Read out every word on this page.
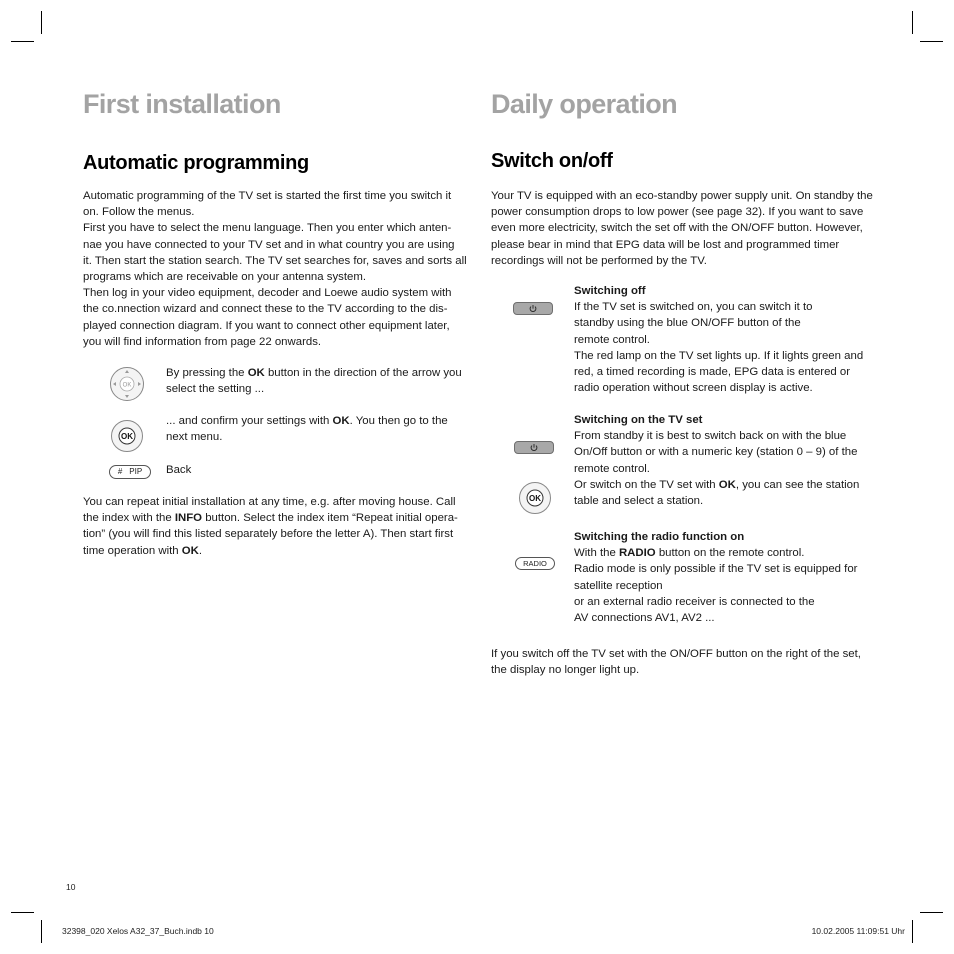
First installation
Automatic programming
Automatic programming of the TV set is started the first time you switch it
on. Follow the menus.
First you have to select the menu language. Then you enter which anten-
nae you have connected to your TV set and in what country you are using
it. Then start the station search. The TV set searches for, saves and sorts all
programs which are receivable on your antenna system.
Then log in your video equipment, decoder and Loewe audio system with
the co.nnection wizard and connect these to the TV according to the dis-
played connection diagram. If you want to connect other equipment later,
you will find information from page 22 onwards.
OK
By pressing the OK button in the direction of the arrow you
select the setting ...
OK
... and confirm your settings with OK. You then go to the
next menu.
# PIP	Back
You can repeat initial installation at any time, e.g. after moving house. Call
the index with the INFO button. Select the index item “Repeat initial opera-
tion” (you will find this listed separately before the letter A). Then start first
time operation with OK.
Daily operation
Switch on/off
Your TV is equipped with an eco-standby power supply unit. On standby the
power consumption drops to low power (see page 32). If you want to save
even more electricity, switch the set off with the ON/OFF button. However,
please bear in mind that EPG data will be lost and programmed timer
recordings will not be performed by the TV.
Switching off
If the TV set is switched on, you can switch it to
standby using the blue ON/OFF button of the
remote control.
The red lamp on the TV set lights up. If it lights green and
red, a timed recording is made, EPG data is entered or
radio operation without screen display is active.
OK
Switching on the TV set
From standby it is best to switch back on with the blue
On/Off button or with a numeric key (station 0 – 9) of the
remote control.
Or switch on the TV set with OK, you can see the station
table and select a station.
RADIO
Switching the radio function on
With the RADIO button on the remote control.
Radio mode is only possible if the TV set is equipped for
satellite reception
or an external radio receiver is connected to the
AV connections AV1, AV2 ...
If you switch off the TV set with the ON/OFF button on the right of the set,
the display no longer light up.
10
32398_020 Xelos A32_37_Buch.indb 10	10.02.2005 11:09:51 Uhr
